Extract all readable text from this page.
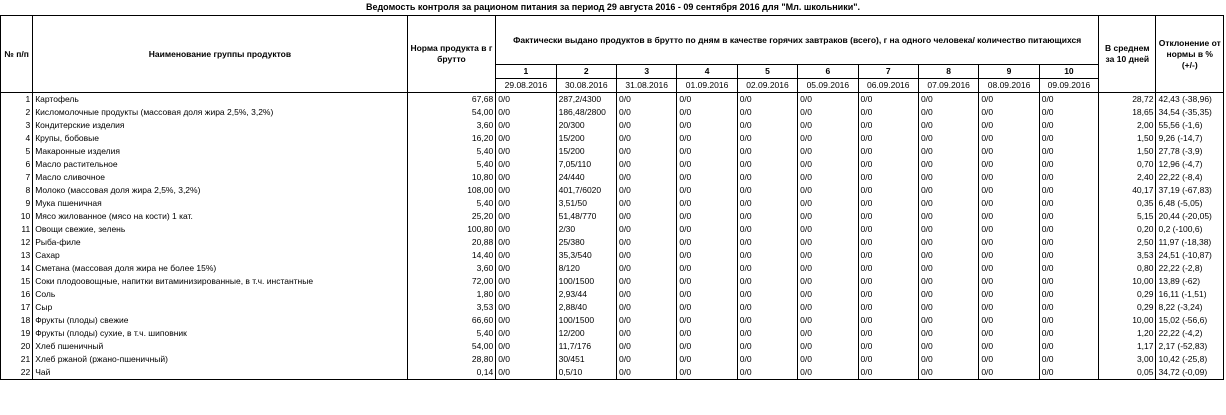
Ведомость контроля за рационом питания за период 29 августа 2016 - 09 сентября 2016 для "Мл. школьники".
№ п/п	Наименование группы продуктов	Норма продукта в г брутто	Фактически выдано продуктов в брутто по дням в качестве горячих завтраков (всего), г на одного человека/ количество питающихся										В среднем за 10 дней	Отклонение от нормы в % (+/-)
			1	2	3	4	5	6	7	8	9	10		
			29.08.2016	30.08.2016	31.08.2016	01.09.2016	02.09.2016	05.09.2016	06.09.2016	07.09.2016	08.09.2016	09.09.2016		
1	Картофель	67,68	0/0	287,2/4300	0/0	0/0	0/0	0/0	0/0	0/0	0/0	0/0	28,72	42,43 (-38,96)
2	Кисломолочные продукты (массовая доля жира 2,5%, 3,2%)	54,00	0/0	186,48/2800	0/0	0/0	0/0	0/0	0/0	0/0	0/0	0/0	18,65	34,54 (-35,35)
3	Кондитерские изделия	3,60	0/0	20/300	0/0	0/0	0/0	0/0	0/0	0/0	0/0	0/0	2,00	55,56 (-1,6)
4	Крупы, бобовые	16,20	0/0	15/200	0/0	0/0	0/0	0/0	0/0	0/0	0/0	0/0	1,50	9,26 (-14,7)
5	Макаронные изделия	5,40	0/0	15/200	0/0	0/0	0/0	0/0	0/0	0/0	0/0	0/0	1,50	27,78 (-3,9)
6	Масло растительное	5,40	0/0	7,05/110	0/0	0/0	0/0	0/0	0/0	0/0	0/0	0/0	0,70	12,96 (-4,7)
7	Масло сливочное	10,80	0/0	24/440	0/0	0/0	0/0	0/0	0/0	0/0	0/0	0/0	2,40	22,22 (-8,4)
8	Молоко (массовая доля жира 2,5%, 3,2%)	108,00	0/0	401,7/6020	0/0	0/0	0/0	0/0	0/0	0/0	0/0	0/0	40,17	37,19 (-67,83)
9	Мука пшеничная	5,40	0/0	3,51/50	0/0	0/0	0/0	0/0	0/0	0/0	0/0	0/0	0,35	6,48 (-5,05)
10	Мясо жилованное (мясо на кости) 1 кат.	25,20	0/0	51,48/770	0/0	0/0	0/0	0/0	0/0	0/0	0/0	0/0	5,15	20,44 (-20,05)
11	Овощи свежие, зелень	100,80	0/0	2/30	0/0	0/0	0/0	0/0	0/0	0/0	0/0	0/0	0,20	0,2 (-100,6)
12	Рыба-филе	20,88	0/0	25/380	0/0	0/0	0/0	0/0	0/0	0/0	0/0	0/0	2,50	11,97 (-18,38)
13	Сахар	14,40	0/0	35,3/540	0/0	0/0	0/0	0/0	0/0	0/0	0/0	0/0	3,53	24,51 (-10,87)
14	Сметана (массовая доля жира не более 15%)	3,60	0/0	8/120	0/0	0/0	0/0	0/0	0/0	0/0	0/0	0/0	0,80	22,22 (-2,8)
15	Соки плодоовощные, напитки витаминизированные, в т.ч. инстантные	72,00	0/0	100/1500	0/0	0/0	0/0	0/0	0/0	0/0	0/0	0/0	10,00	13,89 (-62)
16	Соль	1,80	0/0	2,93/44	0/0	0/0	0/0	0/0	0/0	0/0	0/0	0/0	0,29	16,11 (-1,51)
17	Сыр	3,53	0/0	2,88/40	0/0	0/0	0/0	0/0	0/0	0/0	0/0	0/0	0,29	8,22 (-3,24)
18	Фрукты (плоды) свежие	66,60	0/0	100/1500	0/0	0/0	0/0	0/0	0/0	0/0	0/0	0/0	10,00	15,02 (-56,6)
19	Фрукты (плоды) сухие, в т.ч. шиповник	5,40	0/0	12/200	0/0	0/0	0/0	0/0	0/0	0/0	0/0	0/0	1,20	22,22 (-4,2)
20	Хлеб пшеничный	54,00	0/0	11,7/176	0/0	0/0	0/0	0/0	0/0	0/0	0/0	0/0	1,17	2,17 (-52,83)
21	Хлеб ржаной (ржано-пшеничный)	28,80	0/0	30/451	0/0	0/0	0/0	0/0	0/0	0/0	0/0	0/0	3,00	10,42 (-25,8)
22	Чай	0,14	0/0	0,5/10	0/0	0/0	0/0	0/0	0/0	0/0	0/0	0/0	0,05	34,72 (-0,09)
